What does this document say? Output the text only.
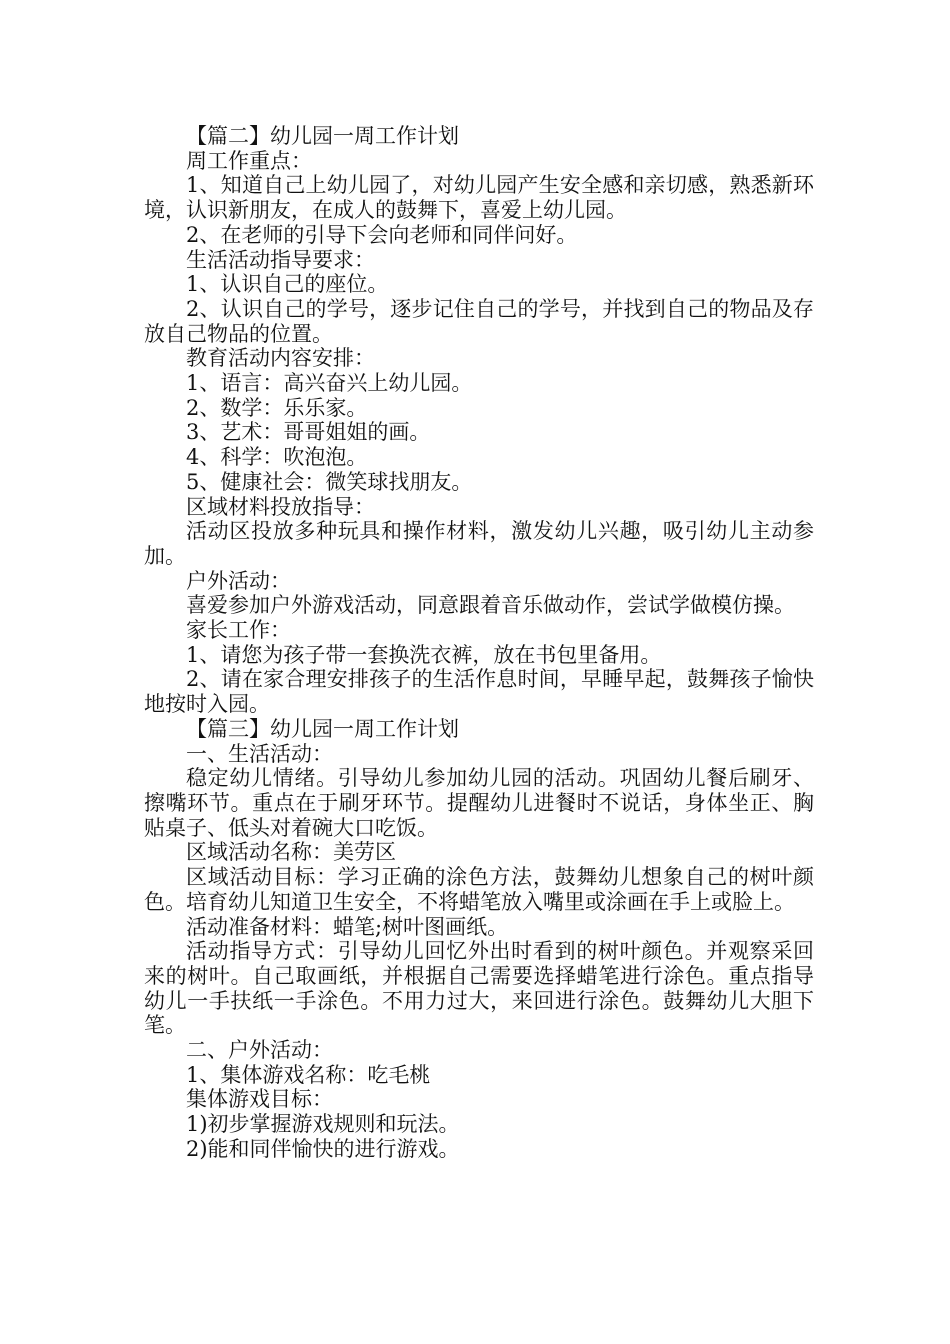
【篇二】幼儿园一周工作计划

周工作重点：

1、知道自己上幼儿园了，对幼儿园产生安全感和亲切感，熟悉新环境，认识新朋友，在成人的鼓舞下，喜爱上幼儿园。

2、在老师的引导下会向老师和同伴问好。

生活活动指导要求：

1、认识自己的座位。

2、认识自己的学号，逐步记住自己的学号，并找到自己的物品及存放自己物品的位置。

教育活动内容安排：

1、语言：高兴奋兴上幼儿园。

2、数学：乐乐家。

3、艺术：哥哥姐姐的画。

4、科学：吹泡泡。

5、健康社会：微笑球找朋友。

区域材料投放指导：

活动区投放多种玩具和操作材料，激发幼儿兴趣，吸引幼儿主动参加。

户外活动：

喜爱参加户外游戏活动，同意跟着音乐做动作，尝试学做模仿操。

家长工作：

1、请您为孩子带一套换洗衣裤，放在书包里备用。

2、请在家合理安排孩子的生活作息时间，早睡早起，鼓舞孩子愉快地按时入园。

【篇三】幼儿园一周工作计划

一、生活活动：

稳定幼儿情绪。引导幼儿参加幼儿园的活动。巩固幼儿餐后刷牙、擦嘴环节。重点在于刷牙环节。提醒幼儿进餐时不说话，身体坐正、胸贴桌子、低头对着碗大口吃饭。

区域活动名称：美劳区

区域活动目标：学习正确的涂色方法，鼓舞幼儿想象自己的树叶颜色。培育幼儿知道卫生安全，不将蜡笔放入嘴里或涂画在手上或脸上。

活动准备材料：蜡笔;树叶图画纸。

活动指导方式：引导幼儿回忆外出时看到的树叶颜色。并观察采回来的树叶。自己取画纸，并根据自己需要选择蜡笔进行涂色。重点指导幼儿一手扶纸一手涂色。不用力过大，来回进行涂色。鼓舞幼儿大胆下笔。

二、户外活动：

1、集体游戏名称：吃毛桃

集体游戏目标：

1)初步掌握游戏规则和玩法。

2)能和同伴愉快的进行游戏。
